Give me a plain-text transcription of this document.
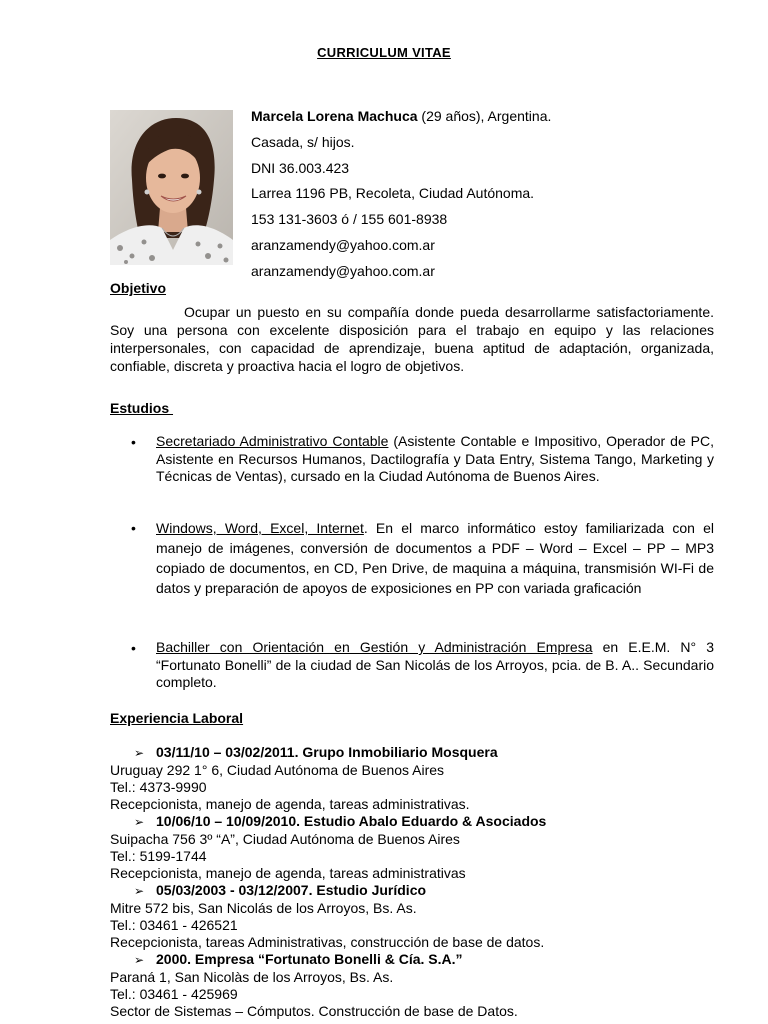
CURRICULUM VITAE
Marcela Lorena Machuca (29 años), Argentina.
Casada, s/ hijos.
DNI 36.003.423
Larrea 1196 PB, Recoleta, Ciudad Autónoma.
153 131-3603 ó / 155 601-8938
aranzamendy@yahoo.com.ar
aranzamendy@yahoo.com.ar
Objetivo
Ocupar un puesto en su compañía donde pueda desarrollarme satisfactoriamente. Soy una persona con excelente disposición para el trabajo en equipo y las relaciones interpersonales, con capacidad de aprendizaje, buena aptitud de adaptación, organizada, confiable, discreta y proactiva hacia el logro de objetivos.
Estudios
• Secretariado Administrativo Contable (Asistente Contable e Impositivo, Operador de PC, Asistente en Recursos Humanos, Dactilografía y Data Entry, Sistema Tango, Marketing y Técnicas de Ventas), cursado en la Ciudad Autónoma de Buenos Aires.
• Windows, Word, Excel, Internet. En el marco informático estoy familiarizada con el manejo de imágenes, conversión de documentos a PDF – Word – Excel – PP – MP3 copiado de documentos, en CD, Pen Drive, de maquina a máquina, transmisión WI-Fi de datos y preparación de apoyos de exposiciones en PP con variada graficación
• Bachiller con Orientación en Gestión y Administración Empresa en E.E.M. N° 3 “Fortunato Bonelli” de la ciudad de San Nicolás de los Arroyos, pcia. de B. A.. Secundario completo.
Experiencia Laboral
➢ 03/11/10 – 03/02/2011. Grupo Inmobiliario Mosquera
Uruguay 292 1° 6, Ciudad Autónoma de Buenos Aires
Tel.: 4373-9990
Recepcionista, manejo de agenda, tareas administrativas.
➢ 10/06/10 – 10/09/2010. Estudio Abalo Eduardo & Asociados
Suipacha 756 3º “A”, Ciudad Autónoma de Buenos Aires
Tel.: 5199-1744
Recepcionista, manejo de agenda, tareas administrativas
➢ 05/03/2003 - 03/12/2007. Estudio Jurídico
Mitre 572 bis, San Nicolás de los Arroyos, Bs. As.
Tel.: 03461 - 426521
Recepcionista, tareas Administrativas, construcción de base de datos.
➢ 2000. Empresa “Fortunato Bonelli & Cía. S.A.”
Paraná 1, San Nicolàs de los Arroyos, Bs. As.
Tel.: 03461 - 425969
Sector de Sistemas – Cómputos. Construcción de base de Datos.
